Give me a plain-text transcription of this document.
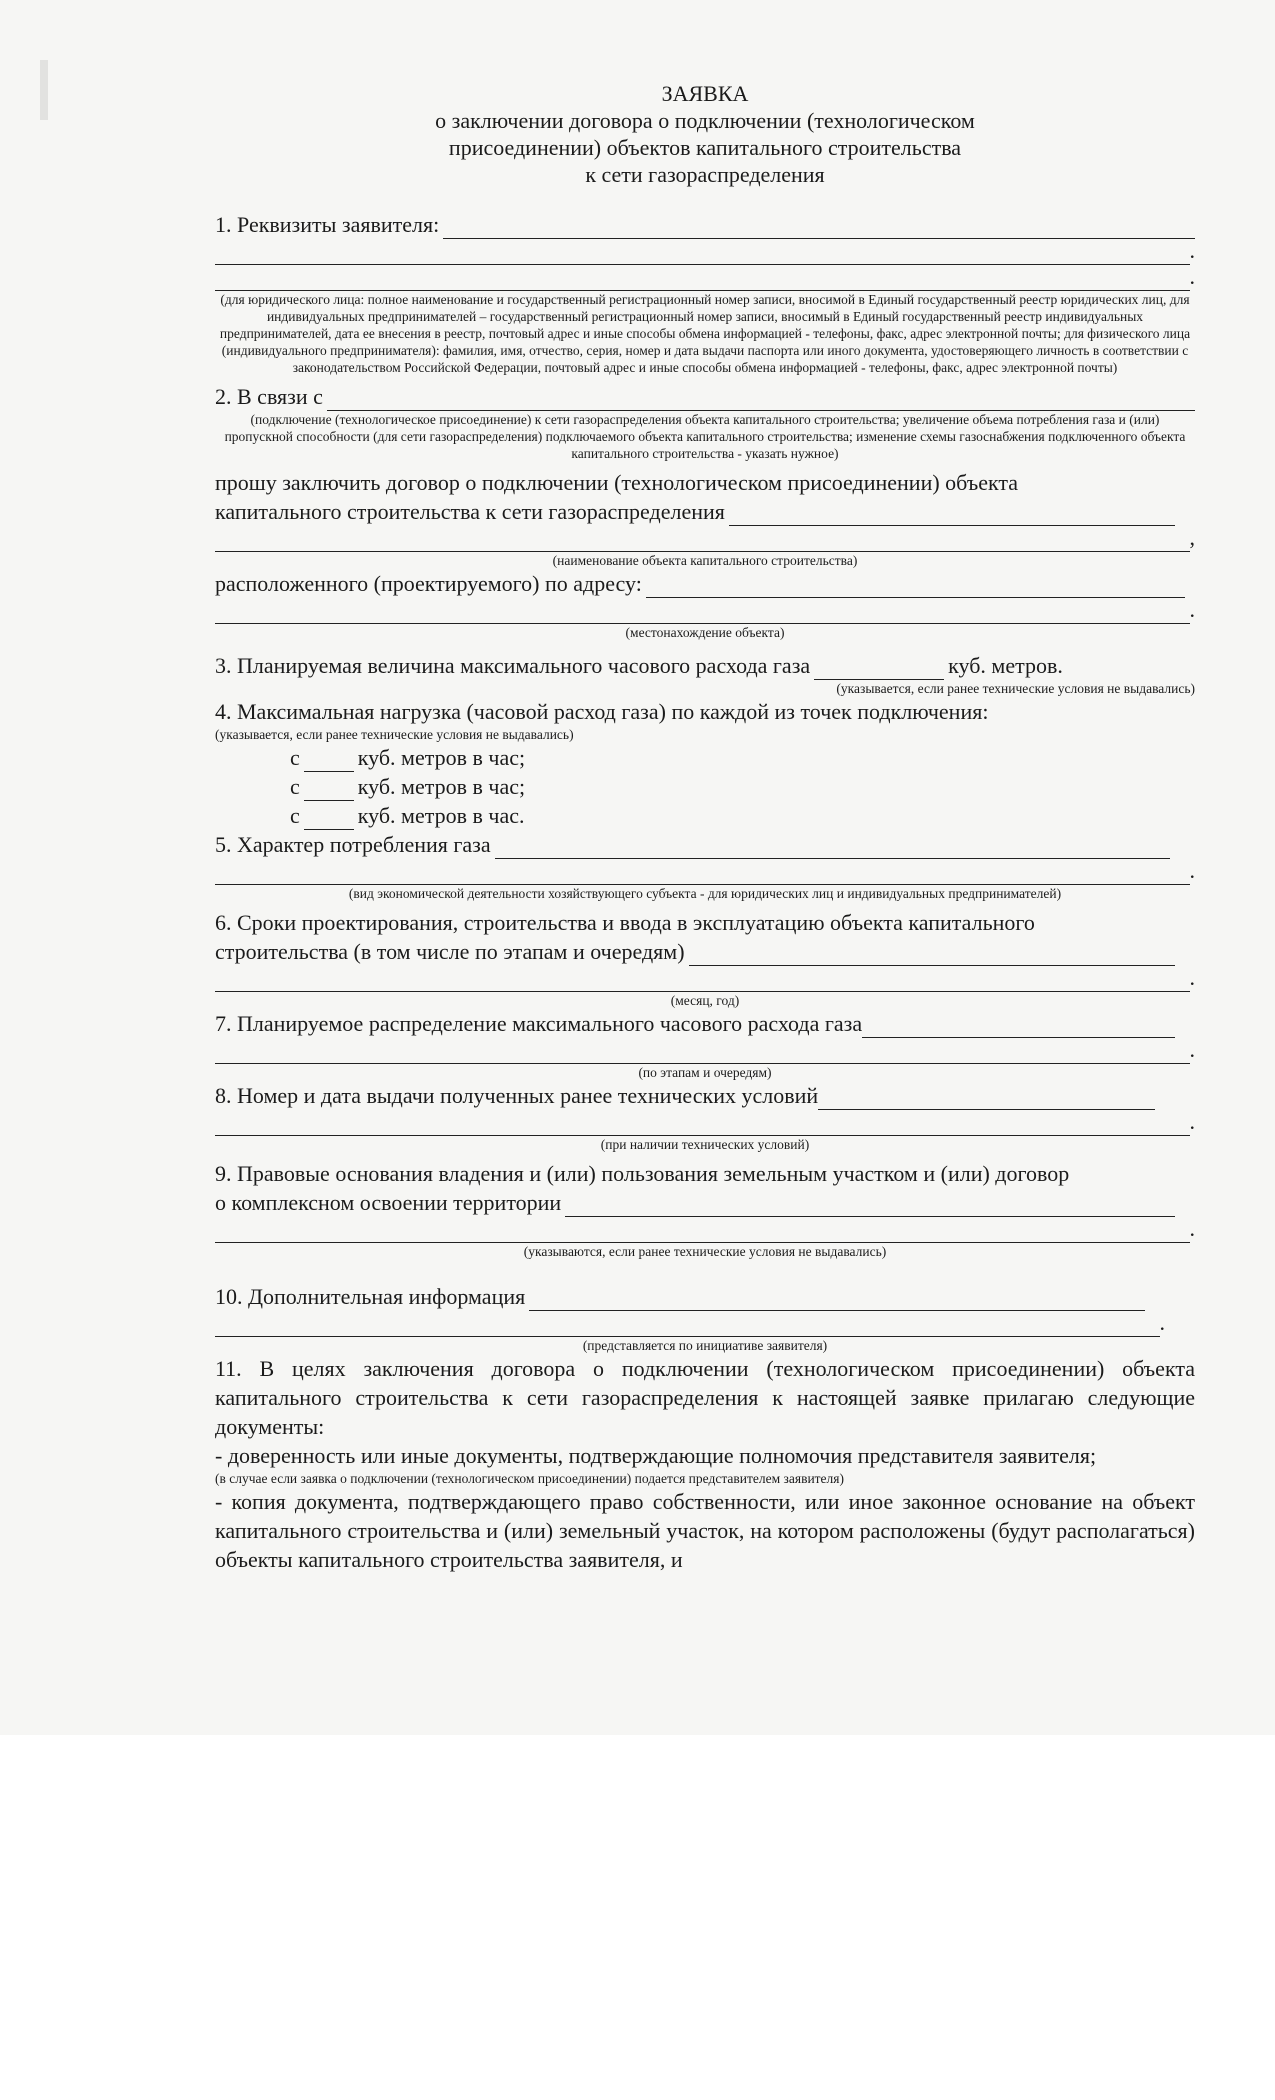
ЗАЯВКА
о заключении договора о подключении (технологическом
присоединении) объектов капитального строительства
к сети газораспределения
1. Реквизиты заявителя:
.
.
(для юридического лица: полное наименование и государственный регистрационный номер записи, вносимой в Единый государственный реестр юридических лиц, для индивидуальных предпринимателей – государственный регистрационный номер записи, вносимый в Единый государственный реестр индивидуальных предпринимателей, дата ее внесения в реестр, почтовый адрес и иные способы обмена информацией - телефоны, факс, адрес электронной почты; для физического лица (индивидуального предпринимателя): фамилия, имя, отчество, серия, номер и дата выдачи паспорта или иного документа, удостоверяющего личность в соответствии с законодательством Российской Федерации, почтовый адрес и иные способы обмена информацией - телефоны, факс, адрес электронной почты)
2. В связи с
(подключение (технологическое присоединение) к сети газораспределения объекта капитального строительства; увеличение объема потребления газа и (или) пропускной способности (для сети газораспределения) подключаемого объекта капитального строительства; изменение схемы газоснабжения подключенного объекта капитального строительства - указать нужное)
прошу заключить договор о подключении (технологическом присоединении) объекта
капитального строительства к сети газораспределения
,
(наименование объекта капитального строительства)
расположенного (проектируемого) по адресу:
.
(местонахождение объекта)
3. Планируемая величина максимального часового расхода газа	куб. метров.
(указывается, если ранее технические условия не выдавались)
4. Максимальная нагрузка (часовой расход газа) по каждой из точек подключения:
(указывается, если ранее технические условия не выдавались)
с	куб. метров в час;
с	куб. метров в час;
с	куб. метров в час.
5. Характер потребления газа
.
(вид экономической деятельности хозяйствующего субъекта - для юридических лиц и индивидуальных предпринимателей)
6. Сроки проектирования, строительства и ввода в эксплуатацию объекта капитального
строительства (в том числе по этапам и очередям)
.
(месяц, год)
7. Планируемое распределение максимального часового расхода газа
.
(по этапам и очередям)
8. Номер и дата выдачи полученных ранее технических условий
.
(при наличии технических условий)
9. Правовые основания владения и (или) пользования земельным участком и (или) договор
о комплексном освоении территории
.
(указываются, если ранее технические условия не выдавались)
10. Дополнительная информация
.
(представляется по инициативе заявителя)
11. В целях заключения договора о подключении (технологическом присоединении) объекта капитального строительства к сети газораспределения к настоящей заявке прилагаю следующие документы:
- доверенность или иные документы, подтверждающие полномочия представителя заявителя;
(в случае если заявка о подключении (технологическом присоединении) подается представителем заявителя)
- копия документа, подтверждающего право собственности, или иное законное основание на объект капитального строительства и (или) земельный участок, на котором расположены (будут располагаться) объекты капитального строительства заявителя, и
